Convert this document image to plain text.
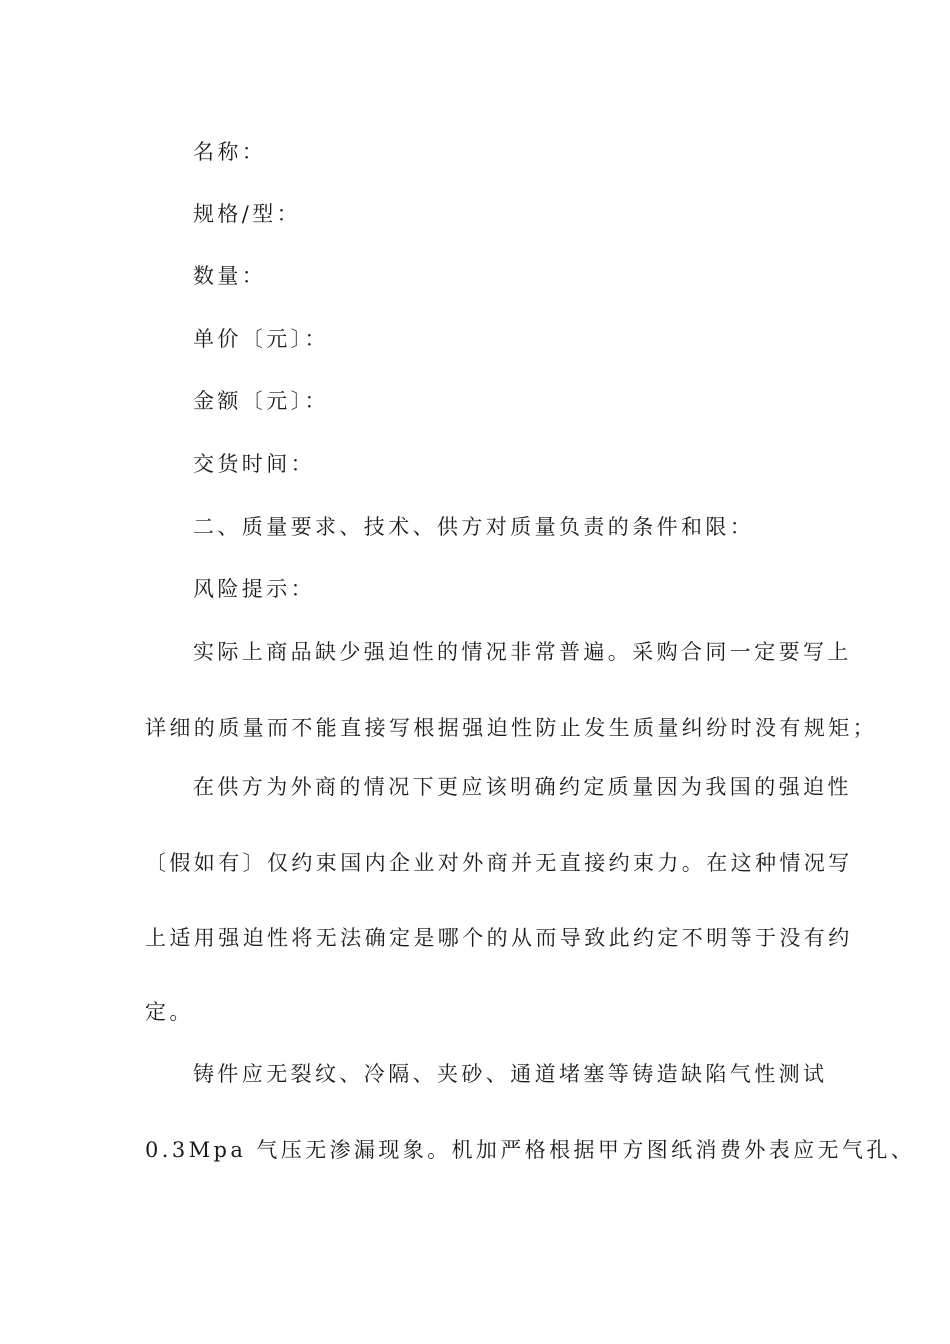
名称：
规格/型：
数量：
单价〔元〕：
金额〔元〕：
交货时间：
二、质量要求、技术、供方对质量负责的条件和限：
风险提示：
实际上商品缺少强迫性的情况非常普遍。采购合同一定要写上
详细的质量而不能直接写根据强迫性防止发生质量纠纷时没有规矩；
在供方为外商的情况下更应该明确约定质量因为我国的强迫性
〔假如有〕仅约束国内企业对外商并无直接约束力。在这种情况写
上适用强迫性将无法确定是哪个的从而导致此约定不明等于没有约
定。
铸件应无裂纹、冷隔、夹砂、通道堵塞等铸造缺陷气性测试
0.3Mpa 气压无渗漏现象。机加严格根据甲方图纸消费外表应无气孔、
